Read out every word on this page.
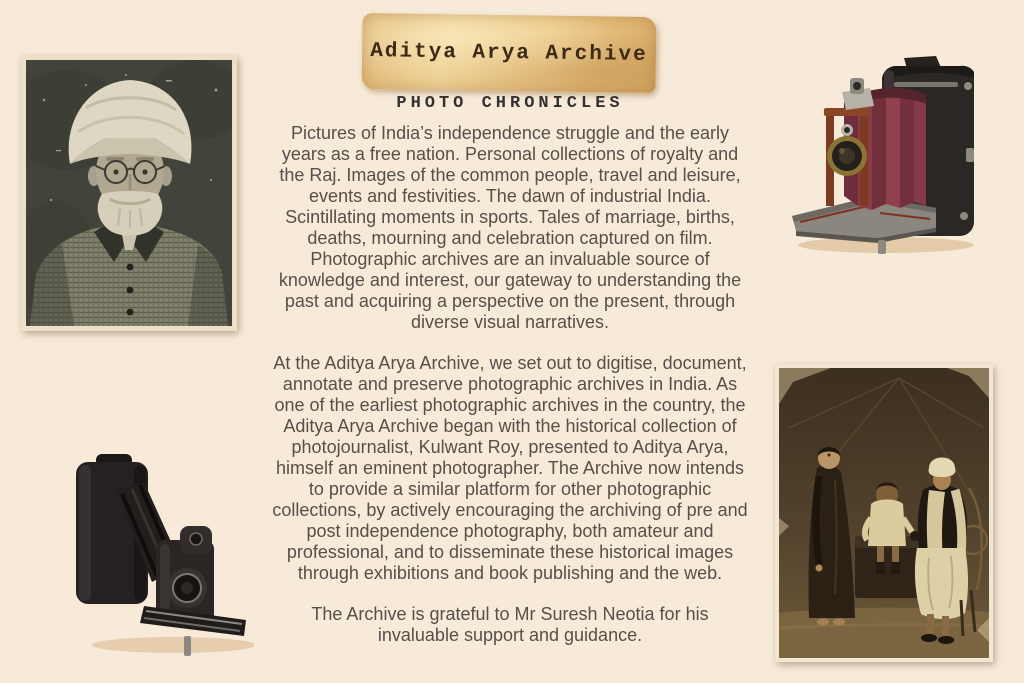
Aditya Arya Archive
PHOTO CHRONICLES

Pictures of India’s independence struggle and the early years as a free nation. Personal collections of royalty and the Raj. Images of the common people, travel and leisure, events and festivities. The dawn of industrial India. Scintillating moments in sports. Tales of marriage, births, deaths, mourning and celebration captured on film. Photographic archives are an invaluable source of knowledge and interest, our gateway to understanding the past and acquiring a perspective on the present, through diverse visual narratives.

At the Aditya Arya Archive, we set out to digitise, document, annotate and preserve photographic archives in India. As one of the earliest photographic archives in the country, the Aditya Arya Archive began with the historical collection of photojournalist, Kulwant Roy, presented to Aditya Arya, himself an eminent photographer. The Archive now intends to provide a similar platform for other photographic collections, by actively encouraging the archiving of pre and post independence photography, both amateur and professional, and to disseminate these historical images through exhibitions and book publishing and the web.

The Archive is grateful to Mr Suresh Neotia for his invaluable support and guidance.
